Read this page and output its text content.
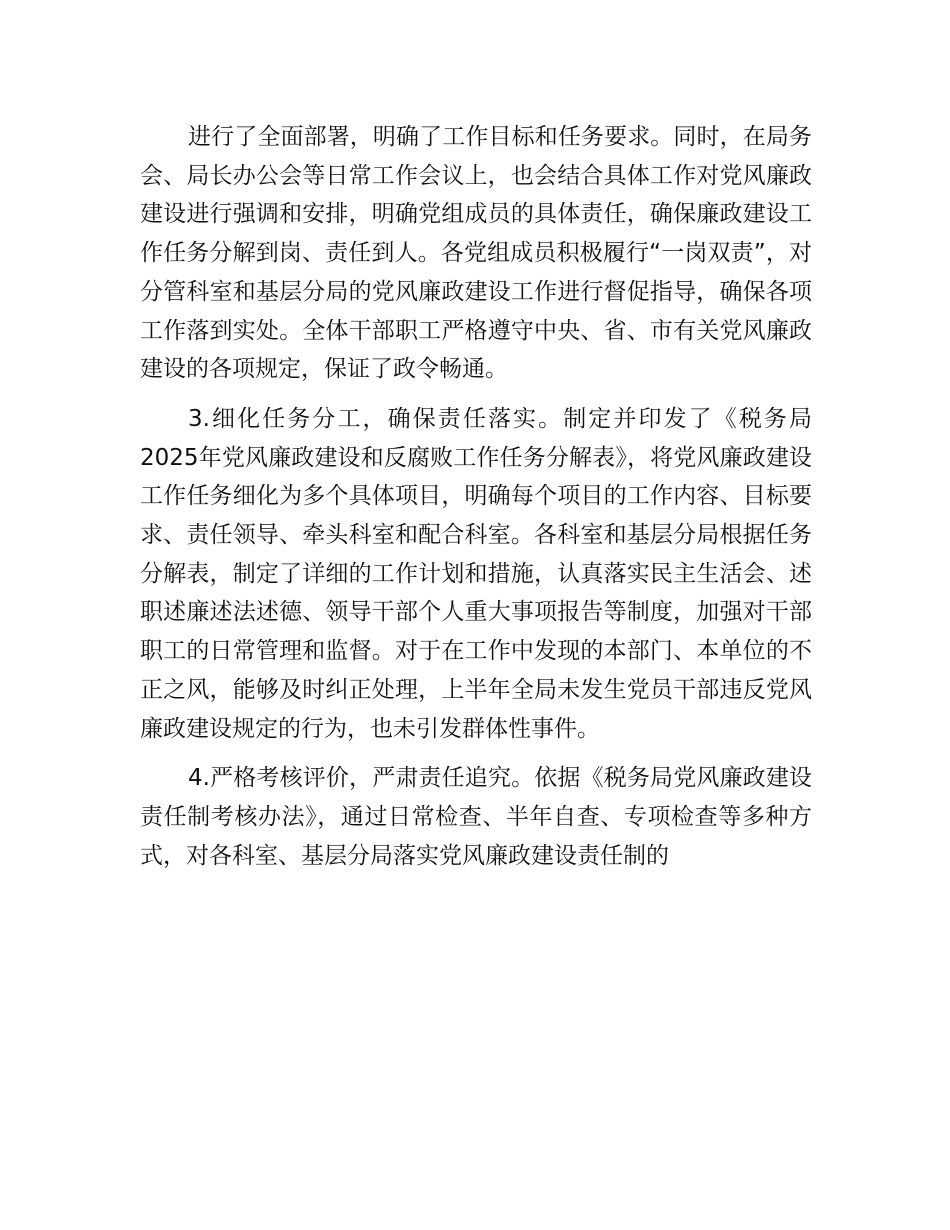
进行了全面部署，明确了工作目标和任务要求。同时，在局务会、局长办公会等日常工作会议上，也会结合具体工作对党风廉政建设进行强调和安排，明确党组成员的具体责任，确保廉政建设工作任务分解到岗、责任到人。各党组成员积极履行“一岗双责”，对分管科室和基层分局的党风廉政建设工作进行督促指导，确保各项工作落到实处。全体干部职工严格遵守中央、省、市有关党风廉政建设的各项规定，保证了政令畅通。

3.细化任务分工，确保责任落实。制定并印发了《税务局2025年党风廉政建设和反腐败工作任务分解表》，将党风廉政建设工作任务细化为多个具体项目，明确每个项目的工作内容、目标要求、责任领导、牵头科室和配合科室。各科室和基层分局根据任务分解表，制定了详细的工作计划和措施，认真落实民主生活会、述职述廉述法述德、领导干部个人重大事项报告等制度，加强对干部职工的日常管理和监督。对于在工作中发现的本部门、本单位的不正之风，能够及时纠正处理，上半年全局未发生党员干部违反党风廉政建设规定的行为，也未引发群体性事件。

4.严格考核评价，严肃责任追究。依据《税务局党风廉政建设责任制考核办法》，通过日常检查、半年自查、专项检查等多种方式，对各科室、基层分局落实党风廉政建设责任制的
